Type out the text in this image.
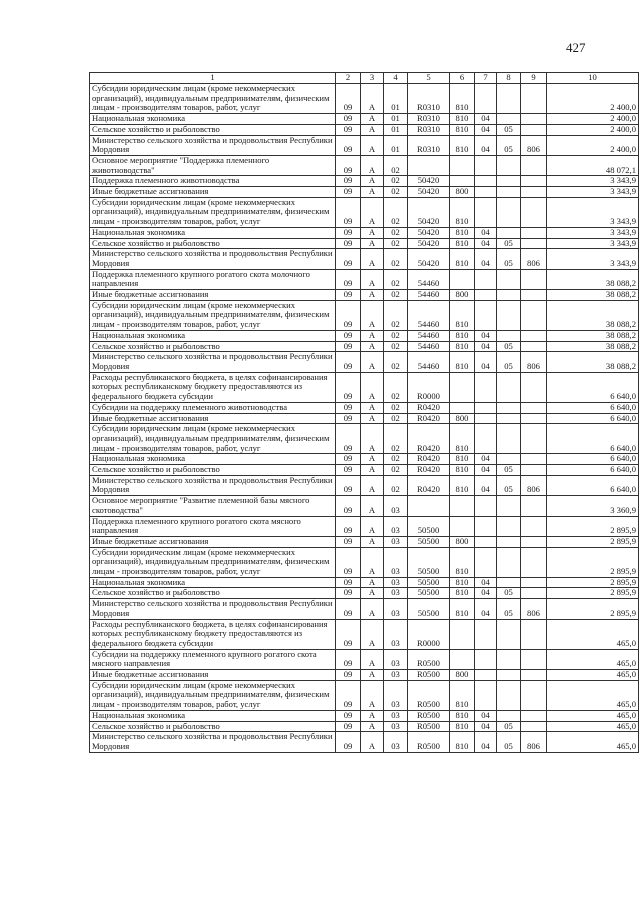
427
1	2	3	4	5	6	7	8	9	10
Субсидии юридическим лицам (кроме некоммерческих организаций), индивидуальным предпринимателям, физическим лицам - производителям товаров, работ, услуг	09	А	01	R0310	810				2 400,0
Национальная экономика	09	А	01	R0310	810	04			2 400,0
Сельское хозяйство и рыболовство	09	А	01	R0310	810	04	05		2 400,0
Министерство сельского хозяйства и продовольствия Республики Мордовия	09	А	01	R0310	810	04	05	806	2 400,0
Основное мероприятие "Поддержка племенного животноводства"	09	А	02						48 072,1
Поддержка племенного животноводства	09	А	02	50420					3 343,9
Иные бюджетные ассигнования	09	А	02	50420	800				3 343,9
Субсидии юридическим лицам (кроме некоммерческих организаций), индивидуальным предпринимателям, физическим лицам - производителям товаров, работ, услуг	09	А	02	50420	810				3 343,9
Национальная экономика	09	А	02	50420	810	04			3 343,9
Сельское хозяйство и рыболовство	09	А	02	50420	810	04	05		3 343,9
Министерство сельского хозяйства и продовольствия Республики Мордовия	09	А	02	50420	810	04	05	806	3 343,9
Поддержка племенного крупного рогатого скота молочного направления	09	А	02	54460					38 088,2
Иные бюджетные ассигнования	09	А	02	54460	800				38 088,2
Субсидии юридическим лицам (кроме некоммерческих организаций), индивидуальным предпринимателям, физическим лицам - производителям товаров, работ, услуг	09	А	02	54460	810				38 088,2
Национальная экономика	09	А	02	54460	810	04			38 088,2
Сельское хозяйство и рыболовство	09	А	02	54460	810	04	05		38 088,2
Министерство сельского хозяйства и продовольствия Республики Мордовия	09	А	02	54460	810	04	05	806	38 088,2
Расходы республиканского бюджета, в целях софинансирования которых республиканскому бюджету предоставляются из федерального бюджета субсидии	09	А	02	R0000					6 640,0
Субсидии на поддержку племенного животноводства	09	А	02	R0420					6 640,0
Иные бюджетные ассигнования	09	А	02	R0420	800				6 640,0
Субсидии юридическим лицам (кроме некоммерческих организаций), индивидуальным предпринимателям, физическим лицам - производителям товаров, работ, услуг	09	А	02	R0420	810				6 640,0
Национальная экономика	09	А	02	R0420	810	04			6 640,0
Сельское хозяйство и рыболовство	09	А	02	R0420	810	04	05		6 640,0
Министерство сельского хозяйства и продовольствия Республики Мордовия	09	А	02	R0420	810	04	05	806	6 640,0
Основное мероприятие "Развитие племенной базы мясного скотоводства"	09	А	03						3 360,9
Поддержка племенного крупного рогатого скота мясного направления	09	А	03	50500					2 895,9
Иные бюджетные ассигнования	09	А	03	50500	800				2 895,9
Субсидии юридическим лицам (кроме некоммерческих организаций), индивидуальным предпринимателям, физическим лицам - производителям товаров, работ, услуг	09	А	03	50500	810				2 895,9
Национальная экономика	09	А	03	50500	810	04			2 895,9
Сельское хозяйство и рыболовство	09	А	03	50500	810	04	05		2 895,9
Министерство сельского хозяйства и продовольствия Республики Мордовия	09	А	03	50500	810	04	05	806	2 895,9
Расходы республиканского бюджета, в целях софинансирования которых республиканскому бюджету предоставляются из федерального бюджета субсидии	09	А	03	R0000					465,0
Субсидии на поддержку племенного крупного рогатого скота мясного направления	09	А	03	R0500					465,0
Иные бюджетные ассигнования	09	А	03	R0500	800				465,0
Субсидии юридическим лицам (кроме некоммерческих организаций), индивидуальным предпринимателям, физическим лицам - производителям товаров, работ, услуг	09	А	03	R0500	810				465,0
Национальная экономика	09	А	03	R0500	810	04			465,0
Сельское хозяйство и рыболовство	09	А	03	R0500	810	04	05		465,0
Министерство сельского хозяйства и продовольствия Республики Мордовия	09	А	03	R0500	810	04	05	806	465,0
